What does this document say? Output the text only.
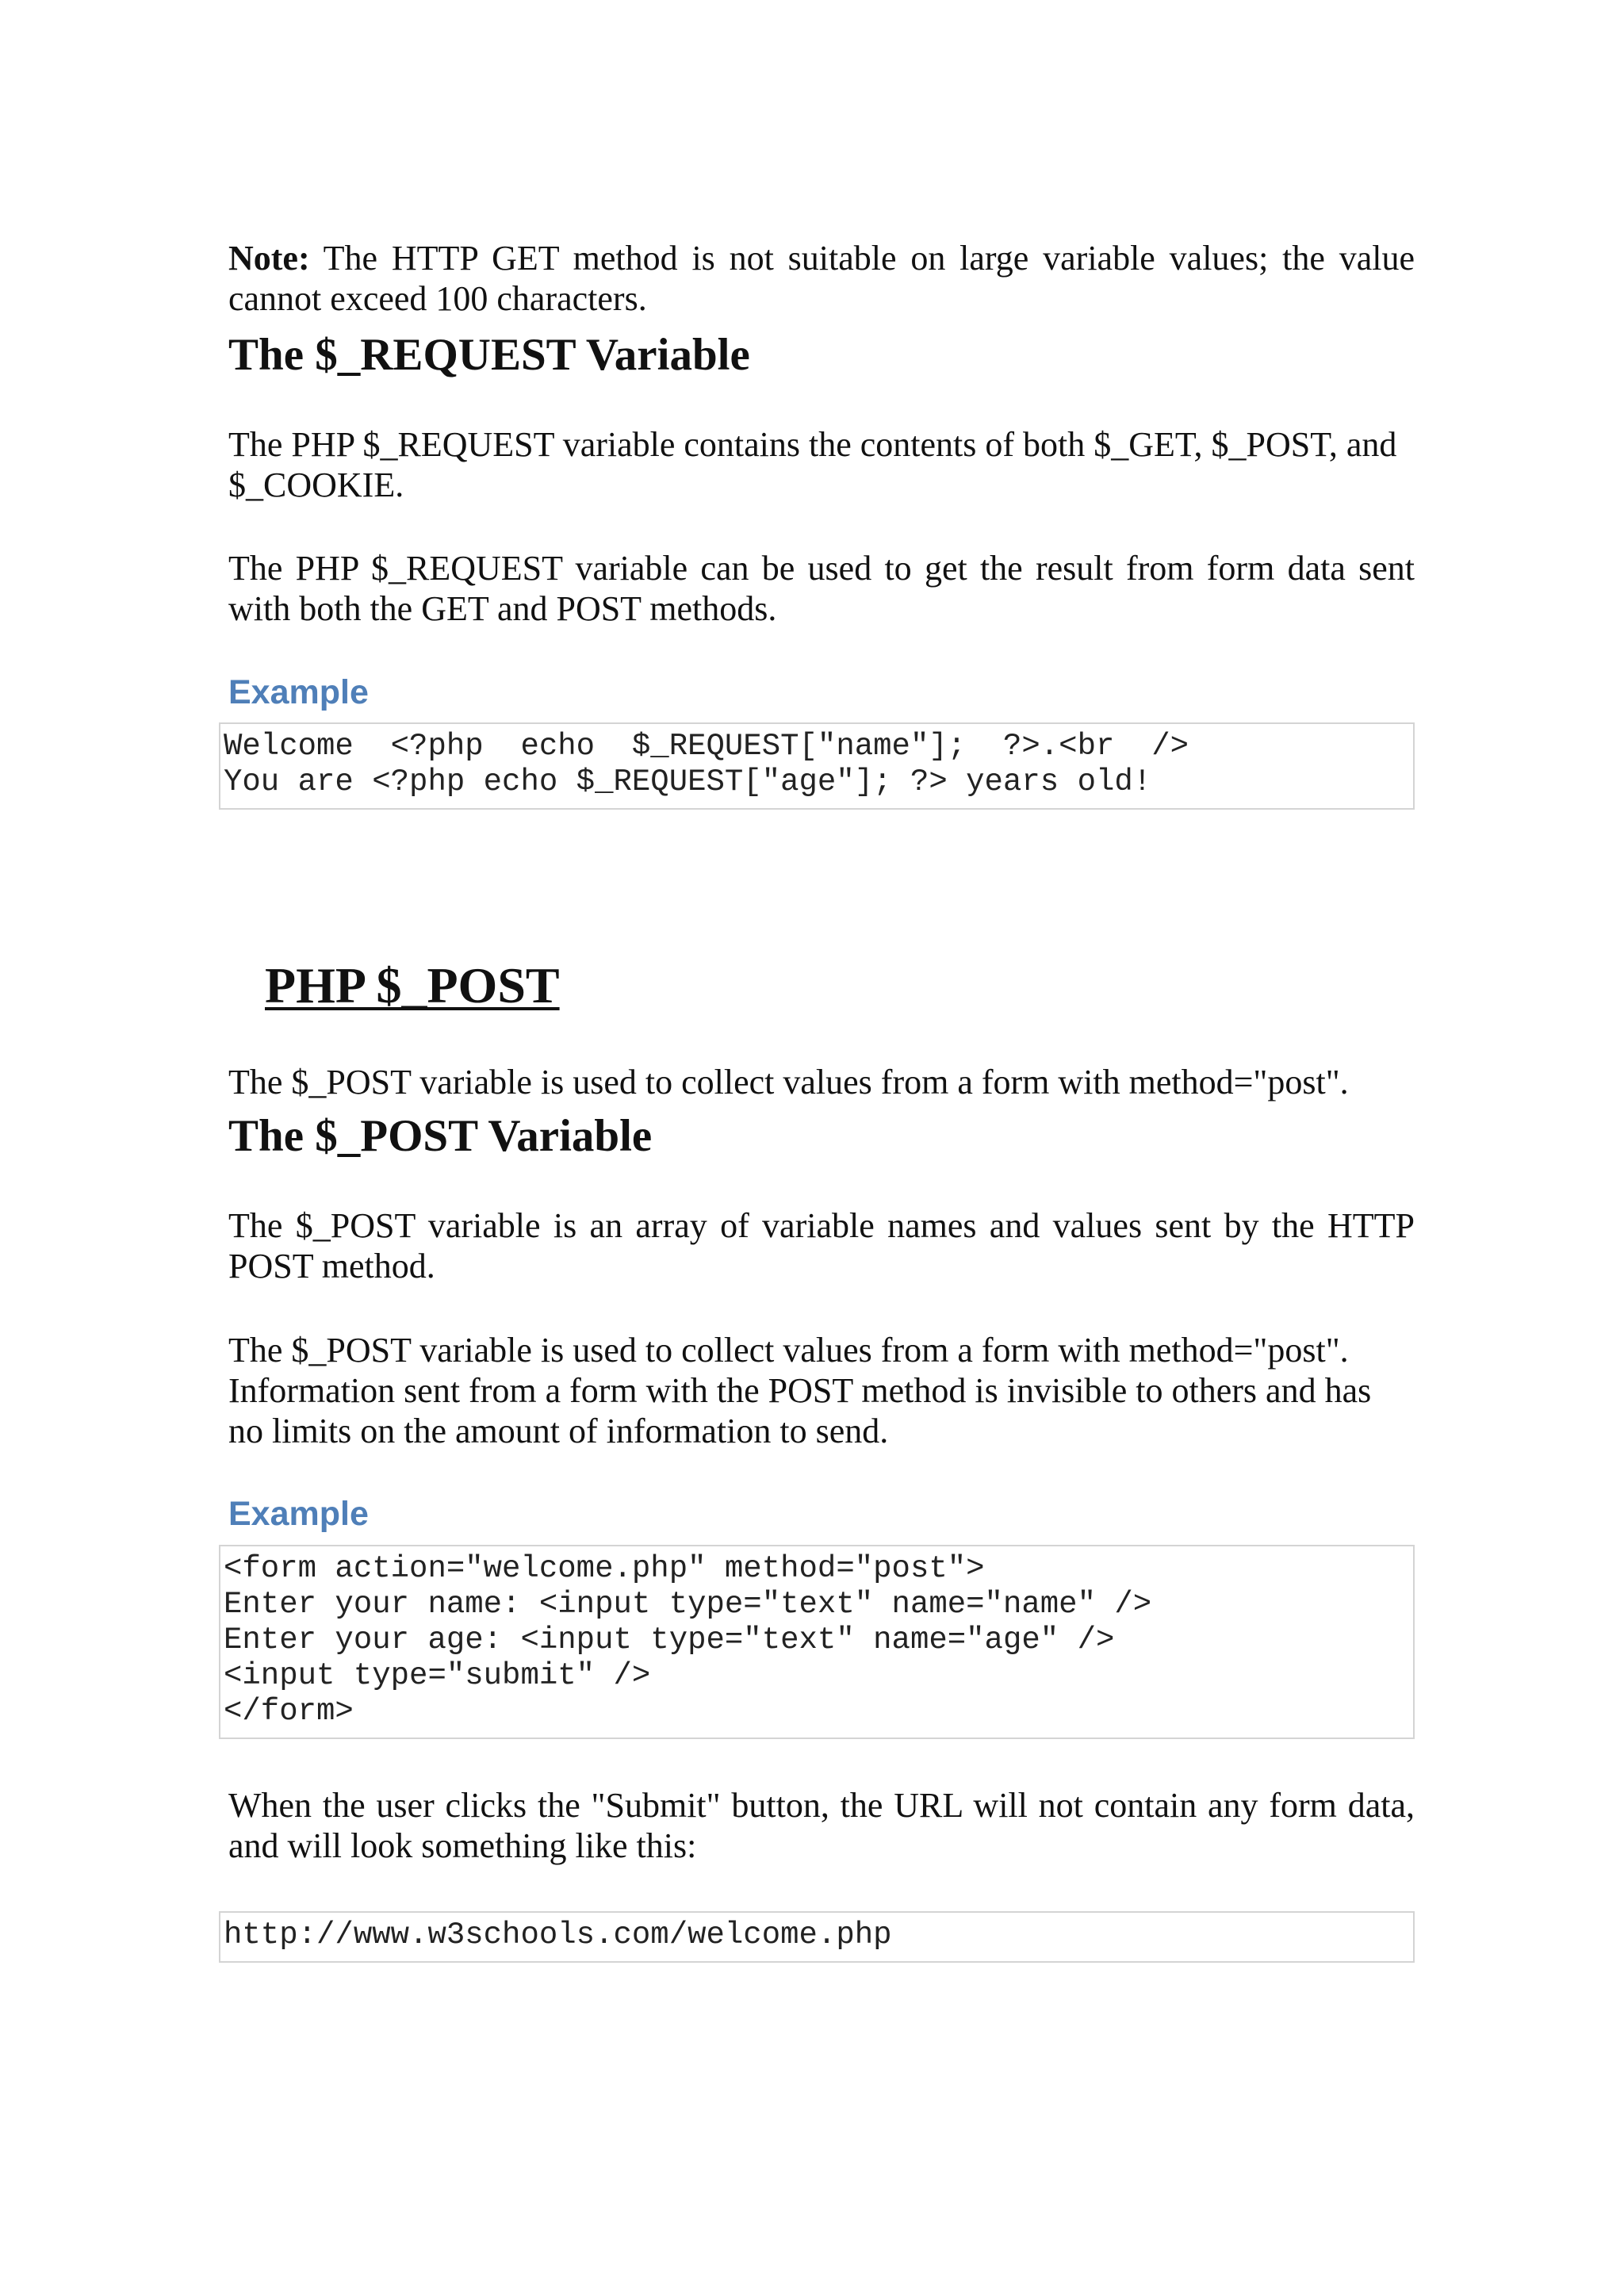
Note: The HTTP GET method is not suitable on large variable values; the value cannot exceed 100 characters.

The $_REQUEST Variable

The PHP $_REQUEST variable contains the contents of both $_GET, $_POST, and $_COOKIE.

The PHP $_REQUEST variable can be used to get the result from form data sent with both the GET and POST methods.

Example
Welcome  <?php  echo  $_REQUEST["name"];  ?>.<br  />
You are <?php echo $_REQUEST["age"]; ?> years old!
PHP $_POST

The $_POST variable is used to collect values from a form with method="post".

The $_POST Variable

The $_POST variable is an array of variable names and values sent by the HTTP POST method.

The $_POST variable is used to collect values from a form with method="post".

Information sent from a form with the POST method is invisible to others and has

no limits on the amount of information to send.

Example
<form action="welcome.php" method="post">
Enter your name: <input type="text" name="name" />
Enter your age: <input type="text" name="age" />
<input type="submit" />
</form>

When the user clicks the "Submit" button, the URL will not contain any form data, and will look something like this:

http://www.w3schools.com/welcome.php
